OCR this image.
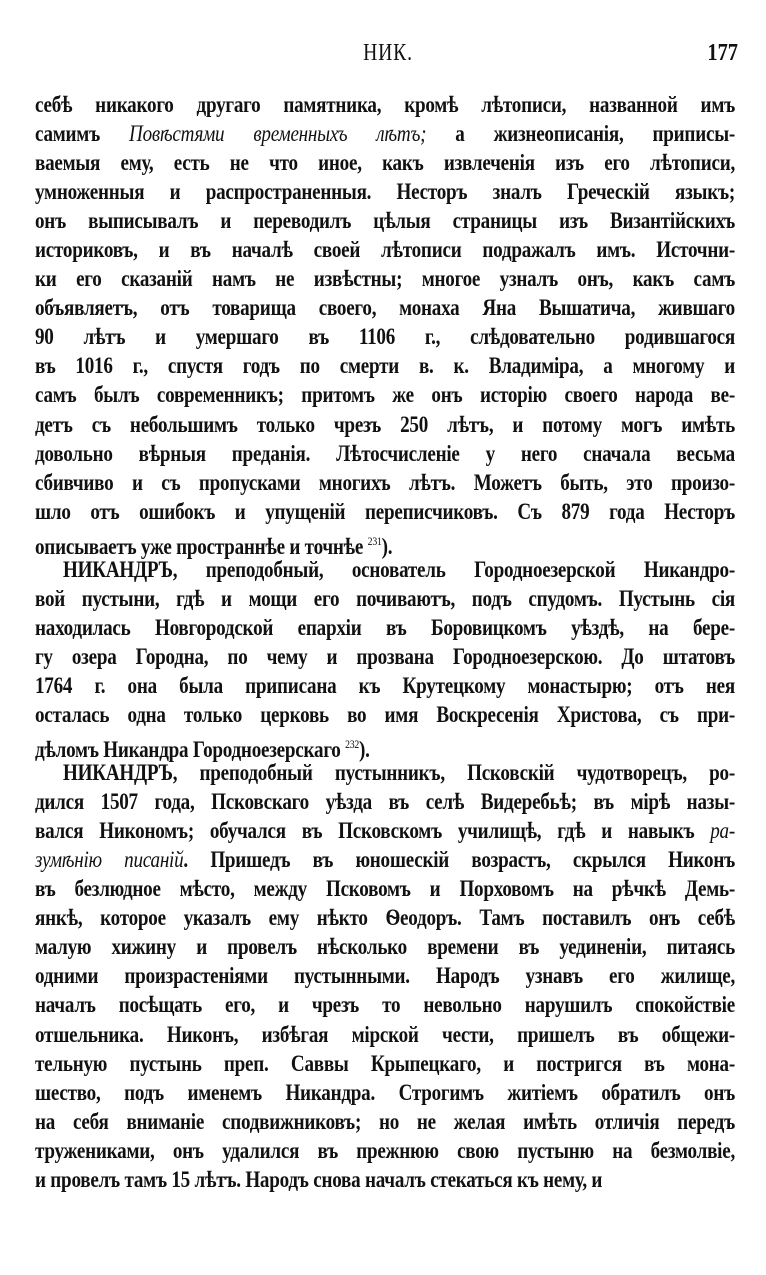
НИК.	177
себѣ никакого другаго памятника, кромѣ лѣтописи, названной имъ
самимъ Повѣстями временныхъ лѣтъ; а жизнеописанія, приписы-
ваемыя ему, есть не что иное, какъ извлеченія изъ его лѣтописи,
умноженныя и распространенныя. Несторъ зналъ Греческій языкъ;
онъ выписывалъ и переводилъ цѣлыя страницы изъ Византійскихъ
историковъ, и въ началѣ своей лѣтописи подражалъ имъ. Источни-
ки его сказаній намъ не извѣстны; многое узналъ онъ, какъ самъ
объявляетъ, отъ товарища своего, монаха Яна Вышатича, жившаго
90 лѣтъ и умершаго въ 1106 г., слѣдовательно родившагося
въ 1016 г., спустя годъ по смерти в. к. Владиміра, а многому и
самъ былъ современникъ; притомъ же онъ исторію своего народа ве-
детъ съ небольшимъ только чрезъ 250 лѣтъ, и потому могъ имѣть
довольно вѣрныя преданія. Лѣтосчисленіе у него сначала весьма
сбивчиво и съ пропусками многихъ лѣтъ. Можетъ быть, это произо-
шло отъ ошибокъ и упущеній переписчиковъ. Съ 879 года Несторъ
описываетъ уже пространнѣе и точнѣе $^{231}$).
НИКАНДРЪ, преподобный, основатель Городноезерской Никандро-
вой пустыни, гдѣ и мощи его почиваютъ, подъ спудомъ. Пустынь сія
находилась Новгородской епархіи въ Боровицкомъ уѣздѣ, на бере-
гу озера Городна, по чему и прозвана Городноезерскою. До штатовъ
1764 г. она была приписана къ Крутецкому монастырю; отъ нея
осталась одна только церковь во имя Воскресенія Христова, съ при-
дѣломъ Никандра Городноезерскаго $^{232}$).
НИКАНДРЪ, преподобный пустынникъ, Псковскій чудотворецъ, ро-
дился 1507 года, Псковскаго уѣзда въ селѣ Видеребьѣ; въ мірѣ назы-
вался Никономъ; обучался въ Псковскомъ училищѣ, гдѣ и навыкъ ра-
зумѣнію писаній. Пришедъ въ юношескій возрастъ, скрылся Никонъ
въ безлюдное мѣсто, между Псковомъ и Порховомъ на рѣчкѣ Демь-
янкѣ, которое указалъ ему нѣкто Ѳеодоръ. Тамъ поставилъ онъ себѣ
малую хижину и провелъ нѣсколько времени въ уединеніи, питаясь
одними произрастеніями пустынными. Народъ узнавъ его жилище,
началъ посѣщать его, и чрезъ то невольно нарушилъ спокойствіе
отшельника. Никонъ, избѣгая мірской чести, пришелъ въ общежи-
тельную пустынь преп. Саввы Крыпецкаго, и постригся въ мона-
шество, подъ именемъ Никандра. Строгимъ житіемъ обратилъ онъ
на себя вниманіе сподвижниковъ; но не желая имѣть отличія передъ
тружениками, онъ удалился въ прежнюю свою пустыню на безмолвіе,
и провелъ тамъ 15 лѣтъ. Народъ снова началъ стекаться къ нему, и
